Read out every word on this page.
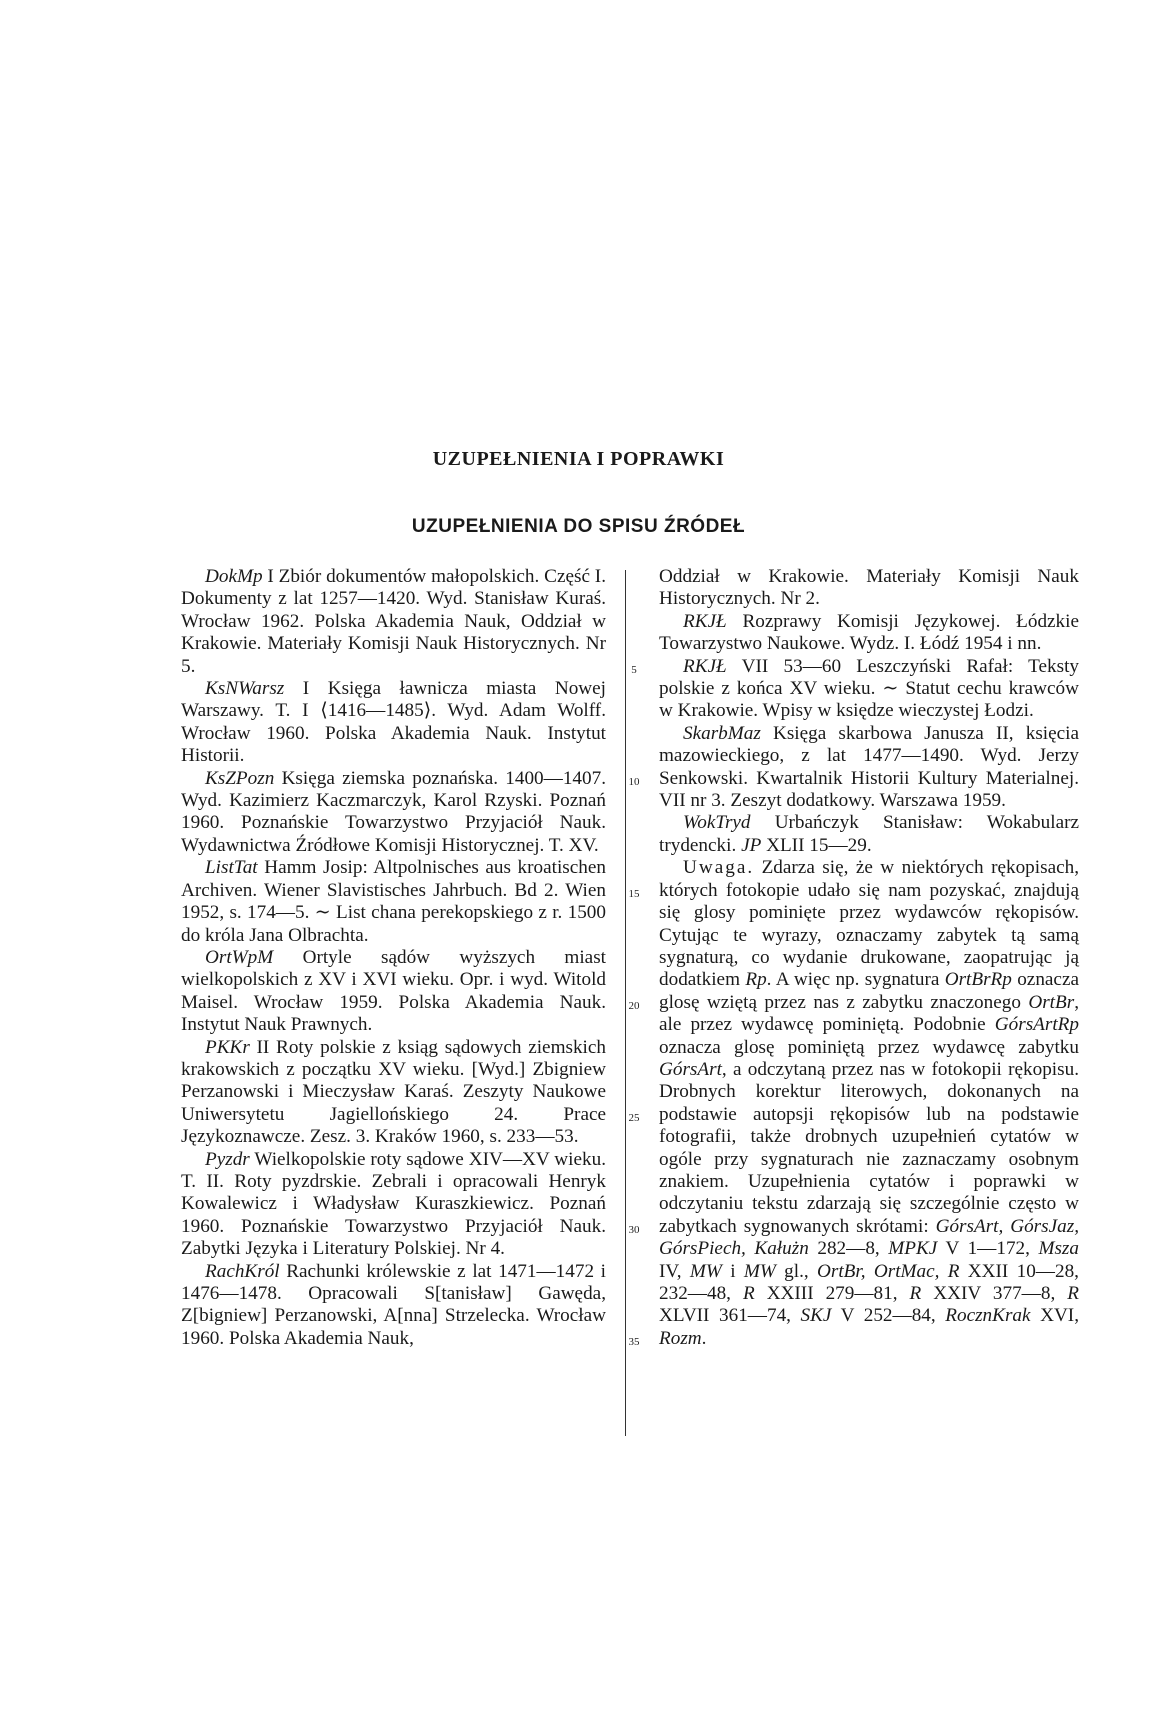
UZUPEŁNIENIA I POPRAWKI
UZUPEŁNIENIA DO SPISU ŹRÓDEŁ

DokMp I Zbiór dokumentów małopolskich. Część I. Dokumenty z lat 1257—1420. Wyd. Stanisław Kuraś. Wrocław 1962. Polska Akademia Nauk, Oddział w Krakowie. Materiały Komisji Nauk Historycznych. Nr 5.

KsNWarsz I Księga ławnicza miasta Nowej Warszawy. T. I ⟨1416—1485⟩. Wyd. Adam Wolff. Wrocław 1960. Polska Akademia Nauk. Instytut Historii.

KsZPozn Księga ziemska poznańska. 1400—1407. Wyd. Kazimierz Kaczmarczyk, Karol Rzyski. Poznań 1960. Poznańskie Towarzystwo Przyjaciół Nauk. Wydawnictwa Źródłowe Komisji Historycznej. T. XV.

ListTat Hamm Josip: Altpolnisches aus kroatischen Archiven. Wiener Slavistisches Jahrbuch. Bd 2. Wien 1952, s. 174—5. ∼ List chana perekopskiego z r. 1500 do króla Jana Olbrachta.

OrtWpM Ortyle sądów wyższych miast wielkopolskich z XV i XVI wieku. Opr. i wyd. Witold Maisel. Wrocław 1959. Polska Akademia Nauk. Instytut Nauk Prawnych.

PKKr II Roty polskie z ksiąg sądowych ziemskich krakowskich z początku XV wieku. [Wyd.] Zbigniew Perzanowski i Mieczysław Karaś. Zeszyty Naukowe Uniwersytetu Jagiellońskiego 24. Prace Językoznawcze. Zesz. 3. Kraków 1960, s. 233—53.

Pyzdr Wielkopolskie roty sądowe XIV—XV wieku. T. II. Roty pyzdrskie. Zebrali i opracowali Henryk Kowalewicz i Władysław Kuraszkiewicz. Poznań 1960. Poznańskie Towarzystwo Przyjaciół Nauk. Zabytki Języka i Literatury Polskiej. Nr 4.

RachKról Rachunki królewskie z lat 1471—1472 i 1476—1478. Opracowali S[tanisław] Gawęda, Z[bigniew] Perzanowski, A[nna] Strzelecka. Wrocław 1960. Polska Akademia Nauk,

5
10
15
20
25
30
35

Oddział w Krakowie. Materiały Komisji Nauk Historycznych. Nr 2.

RKJŁ Rozprawy Komisji Językowej. Łódzkie Towarzystwo Naukowe. Wydz. I. Łódź 1954 i nn.

RKJŁ VII 53—60 Leszczyński Rafał: Teksty polskie z końca XV wieku. ∼ Statut cechu krawców w Krakowie. Wpisy w księdze wieczystej Łodzi.

SkarbMaz Księga skarbowa Janusza II, księcia mazowieckiego, z lat 1477—1490. Wyd. Jerzy Senkowski. Kwartalnik Historii Kultury Materialnej. VII nr 3. Zeszyt dodatkowy. Warszawa 1959.

WokTryd Urbańczyk Stanisław: Wokabularz trydencki. JP XLII 15—29.

Uwaga. Zdarza się, że w niektórych rękopisach, których fotokopie udało się nam pozyskać, znajdują się glosy pominięte przez wydawców rękopisów. Cytując te wyrazy, oznaczamy zabytek tą samą sygnaturą, co wydanie drukowane, zaopatrując ją dodatkiem Rp. A więc np. sygnatura OrtBrRp oznacza glosę wziętą przez nas z zabytku znaczonego OrtBr, ale przez wydawcę pominiętą. Podobnie GórsArtRp oznacza glosę pominiętą przez wydawcę zabytku GórsArt, a odczytaną przez nas w fotokopii rękopisu. Drobnych korektur literowych, dokonanych na podstawie autopsji rękopisów lub na podstawie fotografii, także drobnych uzupełnień cytatów w ogóle przy sygnaturach nie zaznaczamy osobnym znakiem. Uzupełnienia cytatów i poprawki w odczytaniu tekstu zdarzają się szczególnie często w zabytkach sygnowanych skrótami: GórsArt, GórsJaz, GórsPiech, Kałużn 282—8, MPKJ V 1—172, Msza IV, MW i MW gl., OrtBr, OrtMac, R XXII 10—28, 232—48, R XXIII 279—81, R XXIV 377—8, R XLVII 361—74, SKJ V 252—84, RocznKrak XVI, Rozm.
